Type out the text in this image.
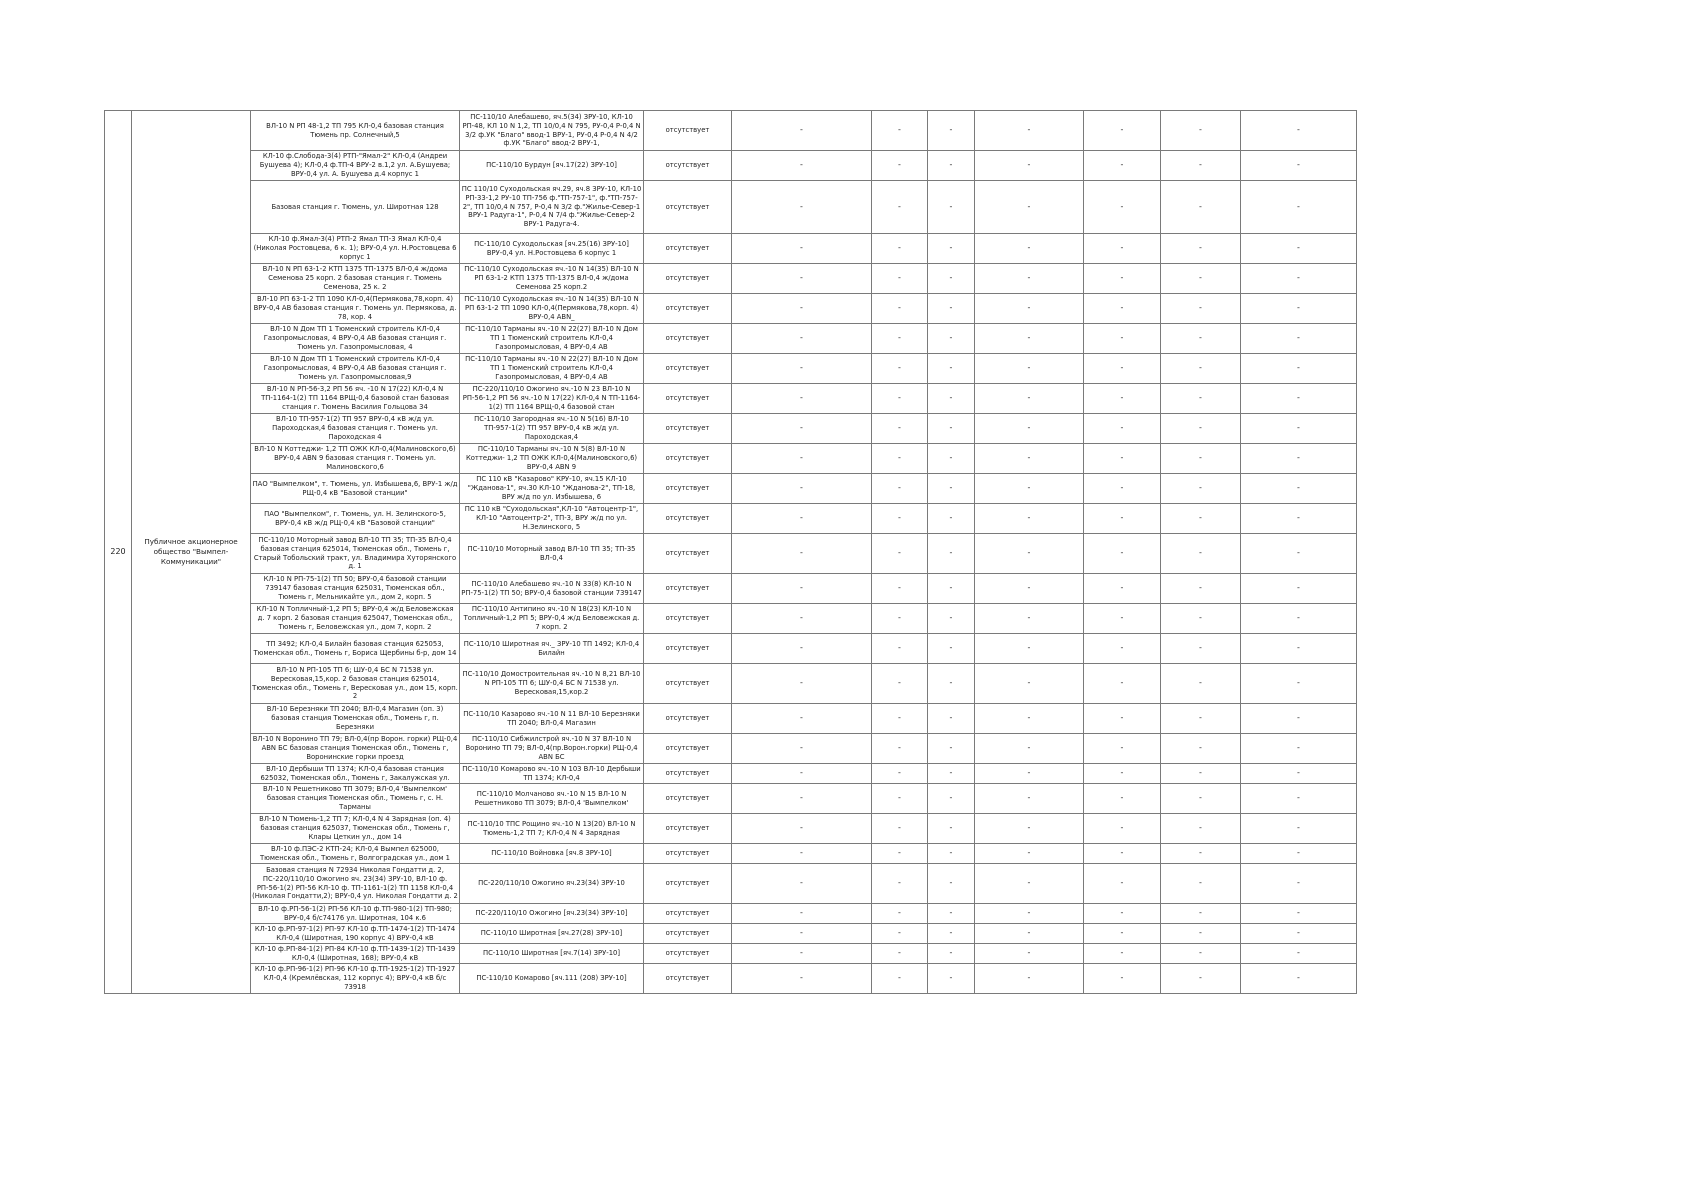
220	Публичное акционерное общество "Вымпел-Коммуникации"	ВЛ-10 N РП 48-1,2 ТП 795 КЛ-0,4 базовая станция Тюмень пр. Солнечный,5	ПС-110/10 Алебашево, яч.5(34) ЗРУ-10, КЛ-10 РП-48, КЛ 10 N 1,2, ТП 10/0,4 N 795, РУ-0,4 Р-0,4 N 3/2 ф.УК "Благо" ввод-1 ВРУ-1, РУ-0,4 Р-0,4 N 4/2 ф.УК "Благо" ввод-2 ВРУ-1,	отсутствует	-	-	-	-	-	-	-
		КЛ-10 ф.Слобода-3(4) РТП-"Ямал-2" КЛ-0,4 (Андреи Бушуева 4); КЛ-0,4 ф.ТП-4 ВРУ-2 в.1,2 ул. А.Бушуева; ВРУ-0,4 ул. А. Бушуева д.4 корпус 1	ПС-110/10 Бурдун [яч.17(22) ЗРУ-10]	отсутствует	-	-	-	-	-	-	-
		Базовая станция г. Тюмень, ул. Широтная 128	ПС 110/10 Суходольская яч.29, яч.8 ЗРУ-10, КЛ-10 РП-33-1,2 РУ-10 ТП-756 ф."ТП-757-1", ф."ТП-757-2", ТП 10/0,4 N 757, Р-0,4 N 3/2 ф."Жилье-Север-1 ВРУ-1 Радуга-1", Р-0,4 N 7/4 ф."Жилье-Север-2 ВРУ-1 Радуга-4.	отсутствует	-	-	-	-	-	-	-
		КЛ-10 ф.Ямал-3(4) РТП-2 Ямал ТП-3 Ямал КЛ-0,4 (Николая Ростовцева, 6 к. 1); ВРУ-0,4 ул. Н.Ростовцева 6 корпус 1	ПС-110/10 Суходольская [яч.25(16) ЗРУ-10] ВРУ-0,4 ул. Н.Ростовцева 6 корпус 1	отсутствует	-	-	-	-	-	-	-
		ВЛ-10 N РП 63-1-2 КТП 1375 ТП-1375 ВЛ-0,4 ж/дома Семенова 25 корп. 2 базовая станция г. Тюмень Семенова, 25 к. 2	ПС-110/10 Суходольская яч.-10 N 14(35) ВЛ-10 N РП 63-1-2 КТП 1375 ТП-1375 ВЛ-0,4 ж/дома Семенова 25 корп.2	отсутствует	-	-	-	-	-	-	-
		ВЛ-10 РП 63-1-2 ТП 1090 КЛ-0,4(Пермякова,78,корп. 4) ВРУ-0,4 АВ базовая станция г. Тюмень ул. Пермякова, д. 78, кор. 4	ПС-110/10 Суходольская яч.-10 N 14(35) ВЛ-10 N РП 63-1-2 ТП 1090 КЛ-0,4(Пермякова,78,корп. 4) ВРУ-0,4 АВN_	отсутствует	-	-	-	-	-	-	-
		ВЛ-10 N Дом ТП 1 Тюменский строитель КЛ-0,4 Газопромысловая, 4 ВРУ-0,4 АВ базовая станция г. Тюмень ул. Газопромысловая, 4	ПС-110/10 Тарманы яч.-10 N 22(27) ВЛ-10 N Дом ТП 1 Тюменский строитель КЛ-0,4 Газопромысловая, 4 ВРУ-0,4 АВ	отсутствует	-	-	-	-	-	-	-
		ВЛ-10 N Дом ТП 1 Тюменский строитель КЛ-0,4 Газопромысловая, 4 ВРУ-0,4 АВ базовая станция г. Тюмень ул. Газопромысловая,9	ПС-110/10 Тарманы яч.-10 N 22(27) ВЛ-10 N Дом ТП 1 Тюменский строитель КЛ-0,4 Газопромысловая, 4 ВРУ-0,4 АВ	отсутствует	-	-	-	-	-	-	-
		ВЛ-10 N РП-56-3,2 РП 56 яч. -10 N 17(22) КЛ-0,4 N ТП-1164-1(2) ТП 1164 ВРЩ-0,4 базовой стан базовая станция г. Тюмень Василия Гольцова 34	ПС-220/110/10 Ожогино яч.-10 N 23 ВЛ-10 N РП-56-1,2 РП 56 яч.-10 N 17(22) КЛ-0,4 N ТП-1164-1(2) ТП 1164 ВРЩ-0,4 базовой стан	отсутствует	-	-	-	-	-	-	-
		ВЛ-10 ТП-957-1(2) ТП 957 ВРУ-0,4 кВ ж/д ул. Пароходская,4 базовая станция г. Тюмень ул. Пароходская 4	ПС-110/10 Загородная яч.-10 N 5(16) ВЛ-10 ТП-957-1(2) ТП 957 ВРУ-0,4 кВ ж/д ул. Пароходская,4	отсутствует	-	-	-	-	-	-	-
		ВЛ-10 N Коттеджи- 1,2 ТП ОЖК КЛ-0,4(Малиновского,6) ВРУ-0,4 АВN 9 базовая станция г. Тюмень ул. Малиновского,6	ПС-110/10 Тарманы яч.-10 N 5(8) ВЛ-10 N Коттеджи- 1,2 ТП ОЖК КЛ-0,4(Малиновского,6) ВРУ-0,4 АВN 9	отсутствует	-	-	-	-	-	-	-
		ПАО "Вымпелком", т. Тюмень, ул. Избышева,6, ВРУ-1 ж/д РЩ-0,4 кВ "Базовой станции"	ПС 110 кВ "Казарово" КРУ-10, яч.15 КЛ-10 "Жданова-1", яч.30 КЛ-10 "Жданова-2", ТП-18, ВРУ ж/д по ул. Избышева, 6	отсутствует	-	-	-	-	-	-	-
		ПАО "Вымпелком", г. Тюмень, ул. Н. Зелинского-5, ВРУ-0,4 кВ ж/д РЩ-0,4 кВ "Базовой станции"	ПС 110 кВ "Суходольская",КЛ-10 "Автоцентр-1", КЛ-10 "Автоцентр-2", ТП-3, ВРУ ж/д по ул. Н.Зелинского, 5	отсутствует	-	-	-	-	-	-	-
		ПС-110/10 Моторный завод ВЛ-10 ТП 35; ТП-35 ВЛ-0,4 базовая станция 625014, Тюменская обл., Тюмень г, Старый Тобольский тракт, ул. Владимира Хуторянского д. 1	ПС-110/10 Моторный завод ВЛ-10 ТП 35; ТП-35 ВЛ-0,4	отсутствует	-	-	-	-	-	-	-
		КЛ-10 N РП-75-1(2) ТП 50; ВРУ-0,4 базовой станции 739147 базовая станция 625031, Тюменская обл., Тюмень г, Мельникайте ул., дом 2, корп. 5	ПС-110/10 Алебашево яч.-10 N 33(8) КЛ-10 N РП-75-1(2) ТП 50; ВРУ-0,4 базовой станции 739147	отсутствует	-	-	-	-	-	-	-
		КЛ-10 N Топличный-1,2 РП 5; ВРУ-0,4 ж/д Беловежская д. 7 корп. 2 базовая станция 625047, Тюменская обл., Тюмень г, Беловежская ул., дом 7, корп. 2	ПС-110/10 Антипино яч.-10 N 18(23) КЛ-10 N Топличный-1,2 РП 5; ВРУ-0,4 ж/д Беловежская д. 7 корп. 2	отсутствует	-	-	-	-	-	-	-
		ТП 3492; КЛ-0,4 Билайн базовая станция 625053, Тюменская обл., Тюмень г, Бориса Щербины б-р, дом 14	ПС-110/10 Широтная яч._ ЗРУ-10 ТП 1492; КЛ-0,4 Билайн	отсутствует	-	-	-	-	-	-	-
		ВЛ-10 N РП-105 ТП 6; ШУ-0,4 БС N 71538 ул. Вересковая,15,кор. 2 базовая станция 625014, Тюменская обл., Тюмень г, Вересковая ул., дом 15, корп. 2	ПС-110/10 Домостроительная яч.-10 N 8,21 ВЛ-10 N РП-105 ТП 6; ШУ-0,4 БС N 71538 ул. Вересковая,15,кор.2	отсутствует	-	-	-	-	-	-	-
		ВЛ-10 Березняки ТП 2040; ВЛ-0,4 Магазин (оп. 3) базовая станция Тюменская обл., Тюмень г, п. Березняки	ПС-110/10 Казарово яч.-10 N 11 ВЛ-10 Березняки ТП 2040; ВЛ-0,4 Магазин	отсутствует	-	-	-	-	-	-	-
		ВЛ-10 N Воронино ТП 79; ВЛ-0,4(пр Ворон. горки) РЩ-0,4 АВN БС базовая станция Тюменская обл., Тюмень г, Воронинские горки проезд	ПС-110/10 Сибжилстрой яч.-10 N 37 ВЛ-10 N Воронино ТП 79; ВЛ-0,4(пр.Ворон.горки) РЩ-0,4 АВN БС	отсутствует	-	-	-	-	-	-	-
		ВЛ-10 Дербыши ТП 1374; КЛ-0,4 базовая станция 625032, Тюменская обл., Тюмень г, Закалужская ул.	ПС-110/10 Комарово яч.-10 N 103 ВЛ-10 Дербыши ТП 1374; КЛ-0,4	отсутствует	-	-	-	-	-	-	-
		ВЛ-10 N Решетниково ТП 3079; ВЛ-0,4 'Вымпелком' базовая станция Тюменская обл., Тюмень г, с. Н. Тарманы	ПС-110/10 Молчаново яч.-10 N 15 ВЛ-10 N Решетниково ТП 3079; ВЛ-0,4 'Вымпелком'	отсутствует	-	-	-	-	-	-	-
		ВЛ-10 N Тюмень-1,2 ТП 7; КЛ-0,4 N 4 Зарядная (оп. 4) базовая станция 625037, Тюменская обл., Тюмень г, Клары Цеткин ул., дом 14	ПС-110/10 ТПС Рощино яч.-10 N 13(20) ВЛ-10 N Тюмень-1,2 ТП 7; КЛ-0,4 N 4 Зарядная	отсутствует	-	-	-	-	-	-	-
		ВЛ-10 ф.ПЭС-2 КТП-24; КЛ-0,4 Вымпел 625000, Тюменская обл., Тюмень г, Волгоградская ул., дом 1	ПС-110/10 Войновка [яч.8 ЗРУ-10]	отсутствует	-	-	-	-	-	-	-
		Базовая станция N 72934 Николая Гондатти д. 2, ПС-220/110/10 Ожогино яч. 23(34) ЗРУ-10, ВЛ-10 ф. РП-56-1(2) РП-56 КЛ-10 ф. ТП-1161-1(2) ТП 1158 КЛ-0,4 (Николая Гондатти,2); ВРУ-0,4 ул. Николая Гондатти д. 2	ПС-220/110/10 Ожогино яч.23(34) ЗРУ-10	отсутствует	-	-	-	-	-	-	-
		ВЛ-10 ф.РП-56-1(2) РП-56 КЛ-10 ф.ТП-980-1(2) ТП-980; ВРУ-0,4 б/с74176 ул. Широтная, 104 к.6	ПС-220/110/10 Ожогино [яч.23(34) ЗРУ-10]	отсутствует	-	-	-	-	-	-	-
		КЛ-10 ф.РП-97-1(2) РП-97 КЛ-10 ф.ТП-1474-1(2) ТП-1474 КЛ-0,4 (Широтная, 190 корпус 4) ВРУ-0,4 кВ	ПС-110/10 Широтная [яч.27(28) ЗРУ-10]	отсутствует	-	-	-	-	-	-	-
		КЛ-10 ф.РП-84-1(2) РП-84 КЛ-10 ф.ТП-1439-1(2) ТП-1439 КЛ-0,4 (Широтная, 168); ВРУ-0,4 кВ	ПС-110/10 Широтная [яч.7(14) ЗРУ-10]	отсутствует	-	-	-	-	-	-	-
		КЛ-10 ф.РП-96-1(2) РП-96 КЛ-10 ф.ТП-1925-1(2) ТП-1927 КЛ-0,4 (Кремлёвская, 112 корпус 4); ВРУ-0,4 кВ б/с 73918	ПС-110/10 Комарово [яч.111 (208) ЗРУ-10]	отсутствует	-	-	-	-	-	-	-
